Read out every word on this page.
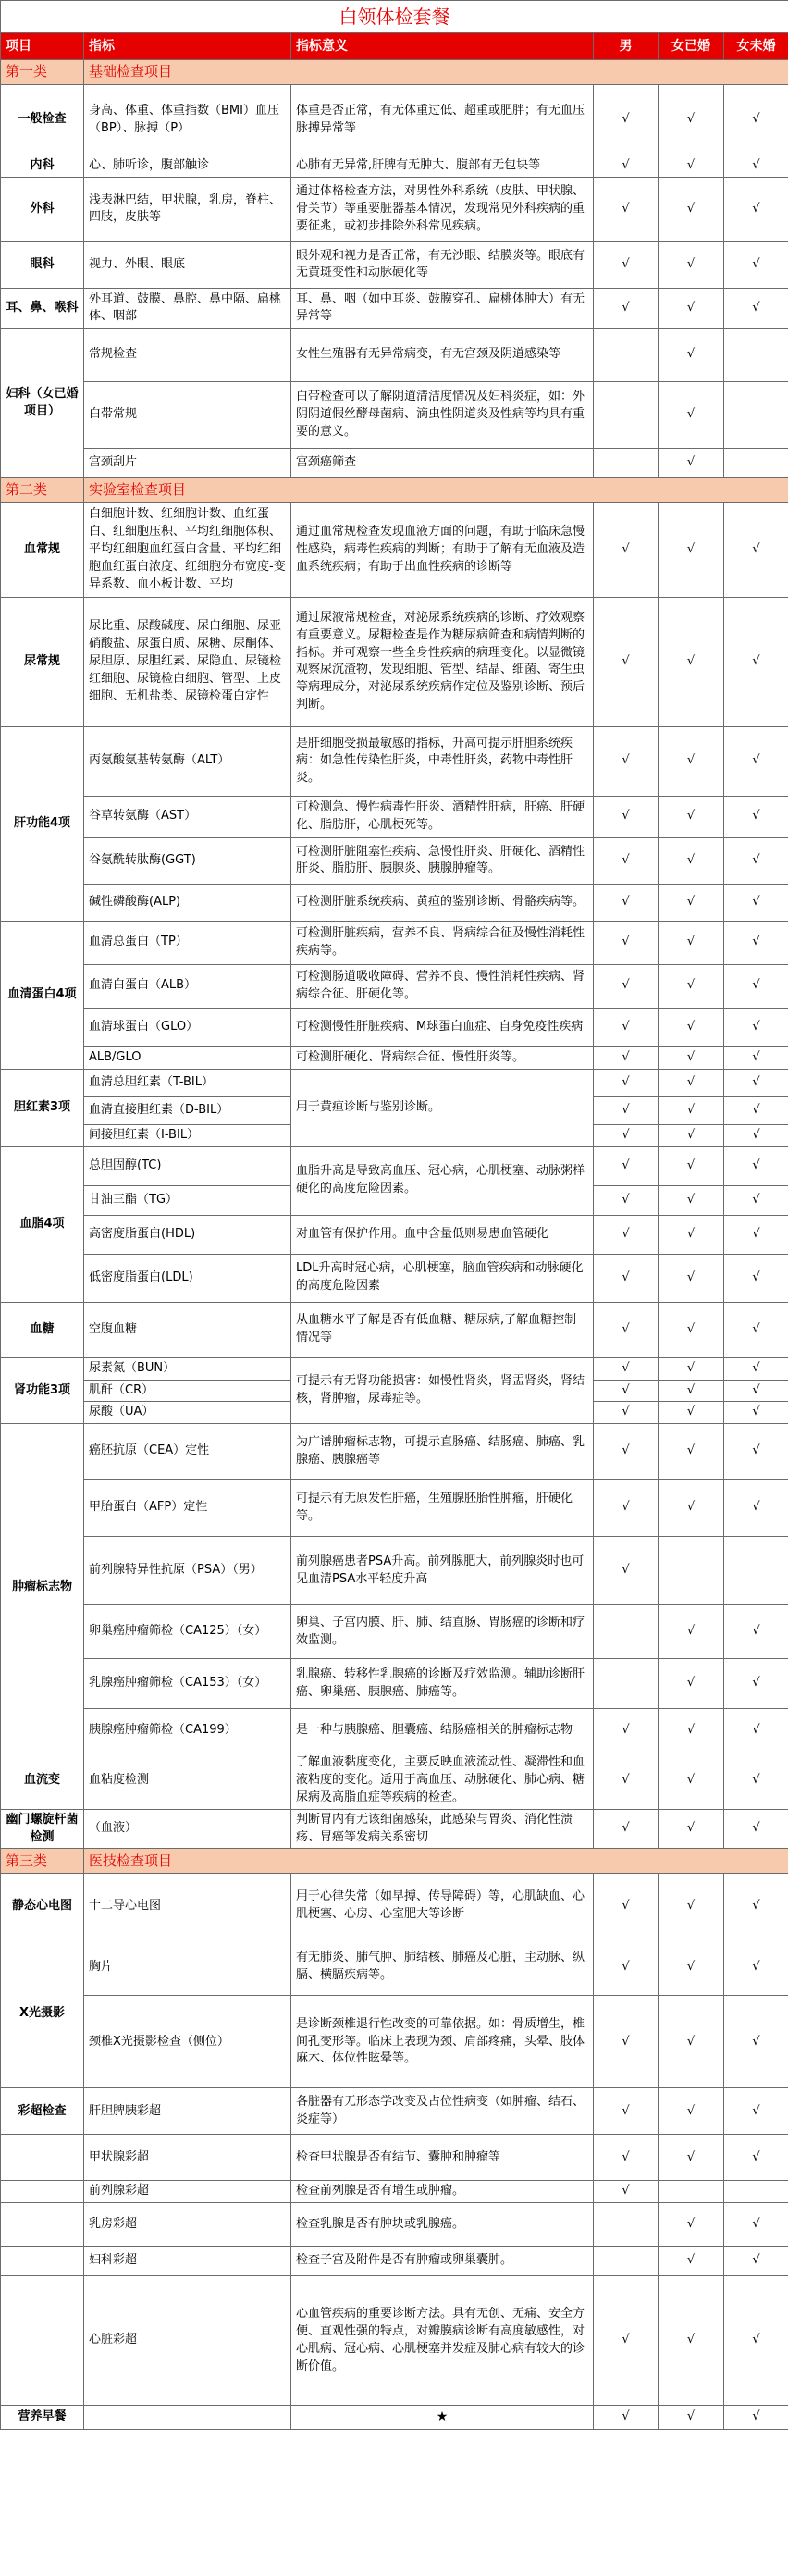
白领体检套餐					
项目	指标	指标意义	男	女已婚	女未婚
第一类	基础检查项目				
一般检查	身高、体重、体重指数（BMI）血压（BP）、脉搏（P）	体重是否正常，有无体重过低、超重或肥胖；有无血压脉搏异常等	√	√	√
内科	心、肺听诊，腹部触诊	心肺有无异常,肝脾有无肿大、腹部有无包块等	√	√	√
外科	浅表淋巴结，甲状腺，乳房，脊柱、四肢，皮肤等	通过体格检查方法，对男性外科系统（皮肤、甲状腺、骨关节）等重要脏器基本情况，发现常见外科疾病的重要征兆，或初步排除外科常见疾病。	√	√	√
眼科	视力、外眼、眼底	眼外观和视力是否正常，有无沙眼、结膜炎等。眼底有无黄斑变性和动脉硬化等	√	√	√
耳、鼻、喉科	外耳道、鼓膜、鼻腔、鼻中隔、扁桃体、咽部	耳、鼻、咽（如中耳炎、鼓膜穿孔、扁桃体肿大）有无异常等	√	√	√
妇科（女已婚项目）	常规检查	女性生殖器有无异常病变，有无宫颈及阴道感染等		√	
	白带常规	白带检查可以了解阴道清洁度情况及妇科炎症，如：外阴阴道假丝酵母菌病、滴虫性阴道炎及性病等均具有重要的意义。		√	
	宫颈刮片	宫颈癌筛查		√	
第二类	实验室检查项目				
血常规	白细胞计数、红细胞计数、血红蛋白、红细胞压积、平均红细胞体积、平均红细胞血红蛋白含量、平均红细胞血红蛋白浓度、红细胞分布宽度-变异系数、血小板计数、平均	通过血常规检查发现血液方面的问题，有助于临床急慢性感染，病毒性疾病的判断；有助于了解有无血液及造血系统疾病；有助于出血性疾病的诊断等	√	√	√
尿常规	尿比重、尿酸碱度、尿白细胞、尿亚硝酸盐、尿蛋白质、尿糖、尿酮体、尿胆原、尿胆红素、尿隐血、尿镜检红细胞、尿镜检白细胞、管型、上皮细胞、无机盐类、尿镜检蛋白定性	通过尿液常规检查，对泌尿系统疾病的诊断、疗效观察有重要意义。尿糖检查是作为糖尿病筛查和病情判断的指标。并可观察一些全身性疾病的病理变化。以显微镜观察尿沉渣物，发现细胞、管型、结晶、细菌、寄生虫等病理成分，对泌尿系统疾病作定位及鉴别诊断、预后判断。	√	√	√
肝功能4项	丙氨酸氨基转氨酶（ALT）	是肝细胞受损最敏感的指标，升高可提示肝胆系统疾病：如急性传染性肝炎，中毒性肝炎，药物中毒性肝炎。	√	√	√
	谷草转氨酶（AST）	可检测急、慢性病毒性肝炎、酒精性肝病，肝癌、肝硬化、脂肪肝，心肌梗死等。	√	√	√
	谷氨酰转肽酶(GGT)	可检测肝脏阻塞性疾病、急慢性肝炎、肝硬化、酒精性肝炎、脂肪肝、胰腺炎、胰腺肿瘤等。	√	√	√
	碱性磷酸酶(ALP)	可检测肝脏系统疾病、黄疸的鉴别诊断、骨骼疾病等。	√	√	√
血清蛋白4项	血清总蛋白（TP）	可检测肝脏疾病，营养不良、肾病综合征及慢性消耗性疾病等。	√	√	√
	血清白蛋白（ALB）	可检测肠道吸收障碍、营养不良、慢性消耗性疾病、肾病综合征、肝硬化等。	√	√	√
	血清球蛋白（GLO）	可检测慢性肝脏疾病、M球蛋白血症、自身免疫性疾病	√	√	√
	ALB/GLO	可检测肝硬化、肾病综合征、慢性肝炎等。	√	√	√
胆红素3项	血清总胆红素（T-BIL）	用于黄疸诊断与鉴别诊断。	√	√	√
	血清直接胆红素（D-BIL）		√	√	√
	间接胆红素（I-BIL）		√	√	√
血脂4项	总胆固醇(TC)	血脂升高是导致高血压、冠心病，心肌梗塞、动脉粥样硬化的高度危险因素。	√	√	√
	甘油三酯（TG）		√	√	√
	高密度脂蛋白(HDL)	对血管有保护作用。血中含量低则易患血管硬化	√	√	√
	低密度脂蛋白(LDL)	LDL升高时冠心病，心肌梗塞，脑血管疾病和动脉硬化的高度危险因素	√	√	√
血糖	空腹血糖	从血糖水平了解是否有低血糖、糖尿病,了解血糖控制情况等	√	√	√
肾功能3项	尿素氮（BUN）	可提示有无肾功能损害：如慢性肾炎，肾盂肾炎，肾结核，肾肿瘤，尿毒症等。	√	√	√
	肌酐（CR）		√	√	√
	尿酸（UA）		√	√	√
肿瘤标志物	癌胚抗原（CEA）定性	为广谱肿瘤标志物，可提示直肠癌、结肠癌、肺癌、乳腺癌、胰腺癌等	√	√	√
	甲胎蛋白（AFP）定性	可提示有无原发性肝癌，生殖腺胚胎性肿瘤，肝硬化等。	√	√	√
	前列腺特异性抗原（PSA）（男）	前列腺癌患者PSA升高。前列腺肥大，前列腺炎时也可见血清PSA水平轻度升高	√		
	卵巢癌肿瘤筛检（CA125）（女）	卵巢、子宫内膜、肝、肺、结直肠、胃肠癌的诊断和疗效监测。		√	√
	乳腺癌肿瘤筛检（CA153）（女）	乳腺癌、转移性乳腺癌的诊断及疗效监测。辅助诊断肝癌、卵巢癌、胰腺癌、肺癌等。		√	√
	胰腺癌肿瘤筛检（CA199）	是一种与胰腺癌、胆囊癌、结肠癌相关的肿瘤标志物	√	√	√
血流变	血粘度检测	了解血液黏度变化，主要反映血液流动性、凝滞性和血液粘度的变化。适用于高血压、动脉硬化、肺心病、糖尿病及高脂血症等疾病的检查。	√	√	√
幽门螺旋杆菌检测	（血液）	判断胃内有无该细菌感染，此感染与胃炎、消化性溃疡、胃癌等发病关系密切	√	√	√
第三类	医技检查项目				
静态心电图	十二导心电图	用于心律失常（如早搏、传导障碍）等，心肌缺血、心肌梗塞、心房、心室肥大等诊断	√	√	√
X光摄影	胸片	有无肺炎、肺气肿、肺结核、肺癌及心脏，主动脉、纵膈、横膈疾病等。	√	√	√
	颈椎X光摄影检查（侧位）	是诊断颈椎退行性改变的可靠依据。如：骨质增生，椎间孔变形等。临床上表现为颈、肩部疼痛，头晕、肢体麻木、体位性眩晕等。	√	√	√
彩超检查	肝胆脾胰彩超	各脏器有无形态学改变及占位性病变（如肿瘤、结石、炎症等）	√	√	√
	甲状腺彩超	检查甲状腺是否有结节、囊肿和肿瘤等	√	√	√
	前列腺彩超	检查前列腺是否有增生或肿瘤。	√		
	乳房彩超	检查乳腺是否有肿块或乳腺癌。		√	√
	妇科彩超	检查子宫及附件是否有肿瘤或卵巢囊肿。		√	√
	心脏彩超	心血管疾病的重要诊断方法。具有无创、无痛、安全方便、直观性强的特点，对瓣膜病诊断有高度敏感性，对心肌病、冠心病、心肌梗塞并发症及肺心病有较大的诊断价值。	√	√	√
营养早餐		★	√	√	√
